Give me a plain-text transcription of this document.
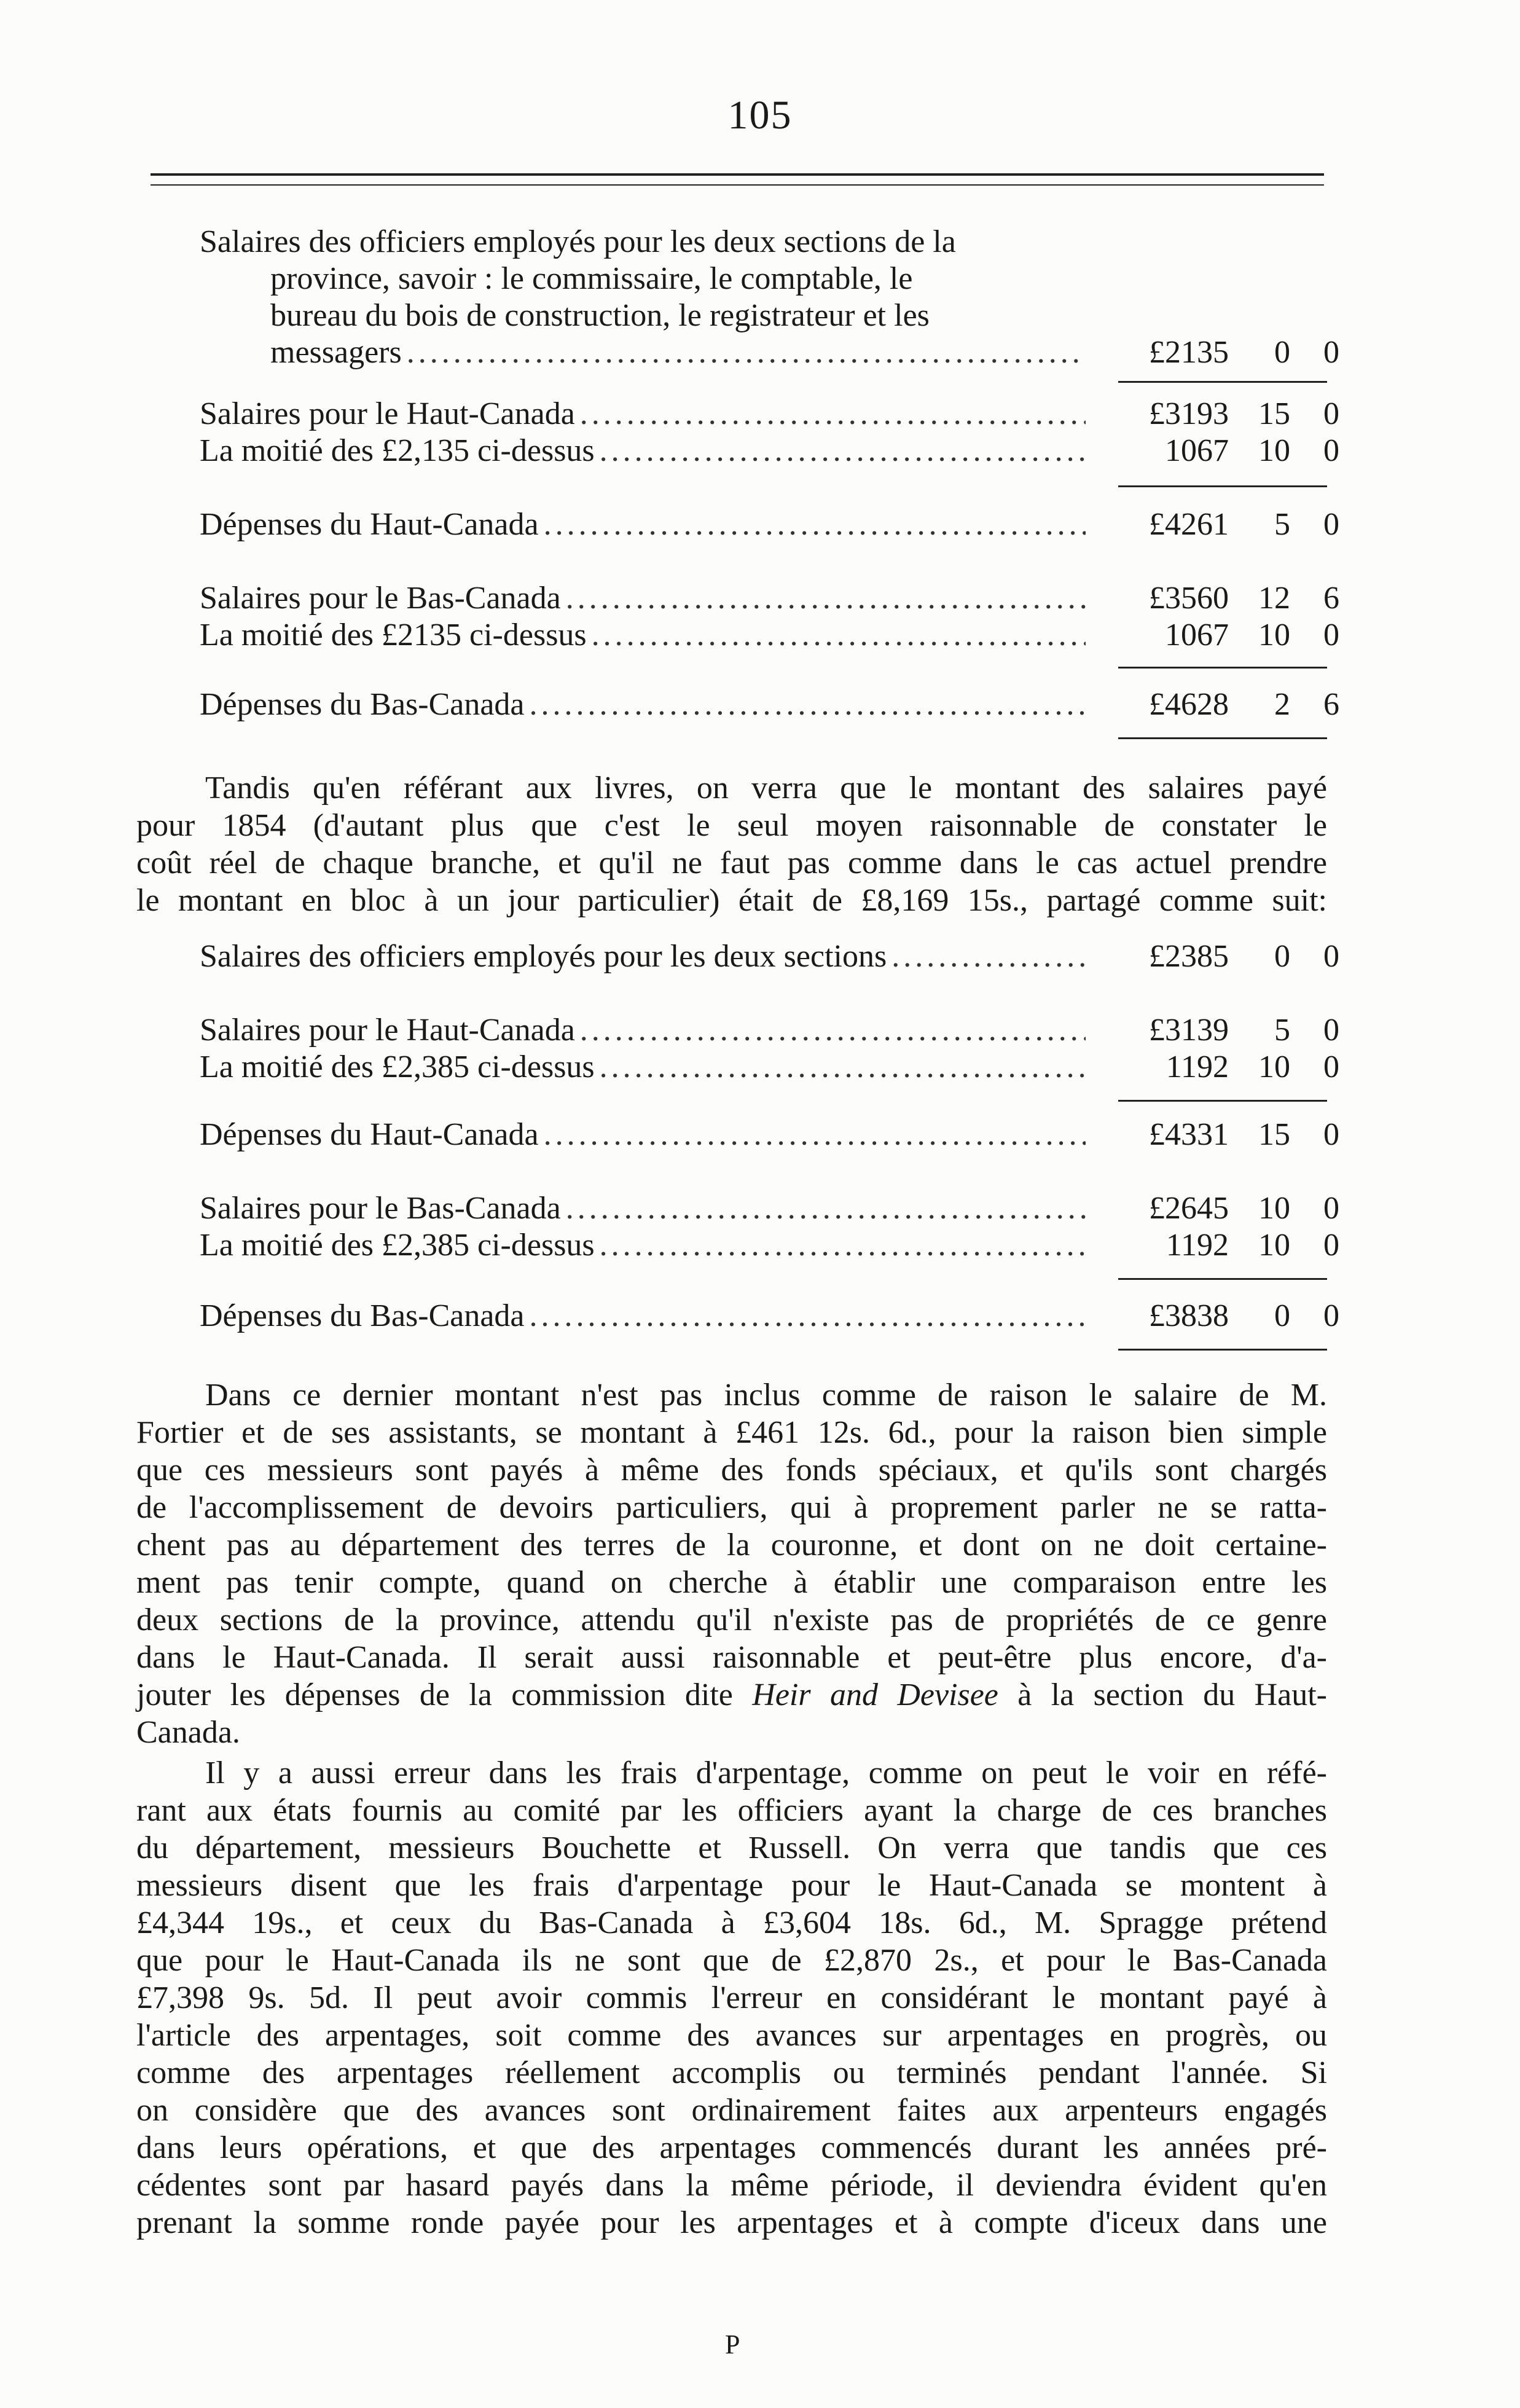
105
Salaires des officiers employés pour les deux sections de la
province, savoir : le commissaire, le comptable, le
bureau du bois de construction, le registrateur et les
messagers .....	£2135 0 0
Salaires pour le Haut-Canada .....	£3193 15 0
La moitié des £2,135 ci-dessus .....	1067 10 0
Dépenses du Haut-Canada .....	£4261 5 0
Salaires pour le Bas-Canada .....	£3560 12 6
La moitié des £2135 ci-dessus .....	1067 10 0
Dépenses du Bas-Canada .....	£4628 2 6
Tandis qu'en référant aux livres, on verra que le montant des salaires payé
pour 1854 (d'autant plus que c'est le seul moyen raisonnable de constater le
coût réel de chaque branche, et qu'il ne faut pas comme dans le cas actuel prendre
le montant en bloc à un jour particulier) était de £8,169 15s., partagé comme suit:
Salaires des officiers employés pour les deux sections .....	£2385 0 0
Salaires pour le Haut-Canada .....	£3139 5 0
La moitié des £2,385 ci-dessus .....	1192 10 0
Dépenses du Haut-Canada .....	£4331 15 0
Salaires pour le Bas-Canada .....	£2645 10 0
La moitié des £2,385 ci-dessus .....	1192 10 0
Dépenses du Bas-Canada .....	£3838 0 0
Dans ce dernier montant n'est pas inclus comme de raison le salaire de M.
Fortier et de ses assistants, se montant à £461 12s. 6d., pour la raison bien simple
que ces messieurs sont payés à même des fonds spéciaux, et qu'ils sont chargés
de l'accomplissement de devoirs particuliers, qui à proprement parler ne se ratta-
chent pas au département des terres de la couronne, et dont on ne doit certaine-
ment pas tenir compte, quand on cherche à établir une comparaison entre les
deux sections de la province, attendu qu'il n'existe pas de propriétés de ce genre
dans le Haut-Canada. Il serait aussi raisonnable et peut-être plus encore, d'a-
jouter les dépenses de la commission dite Heir and Devisee à la section du Haut-
Canada.
Il y a aussi erreur dans les frais d'arpentage, comme on peut le voir en réfé-
rant aux états fournis au comité par les officiers ayant la charge de ces branches
du département, messieurs Bouchette et Russell. On verra que tandis que ces
messieurs disent que les frais d'arpentage pour le Haut-Canada se montent à
£4,344 19s., et ceux du Bas-Canada à £3,604 18s. 6d., M. Spragge prétend
que pour le Haut-Canada ils ne sont que de £2,870 2s., et pour le Bas-Canada
£7,398 9s. 5d. Il peut avoir commis l'erreur en considérant le montant payé à
l'article des arpentages, soit comme des avances sur arpentages en progrès, ou
comme des arpentages réellement accomplis ou terminés pendant l'année. Si
on considère que des avances sont ordinairement faites aux arpenteurs engagés
dans leurs opérations, et que des arpentages commencés durant les années pré-
cédentes sont par hasard payés dans la même période, il deviendra évident qu'en
prenant la somme ronde payée pour les arpentages et à compte d'iceux dans une
P
